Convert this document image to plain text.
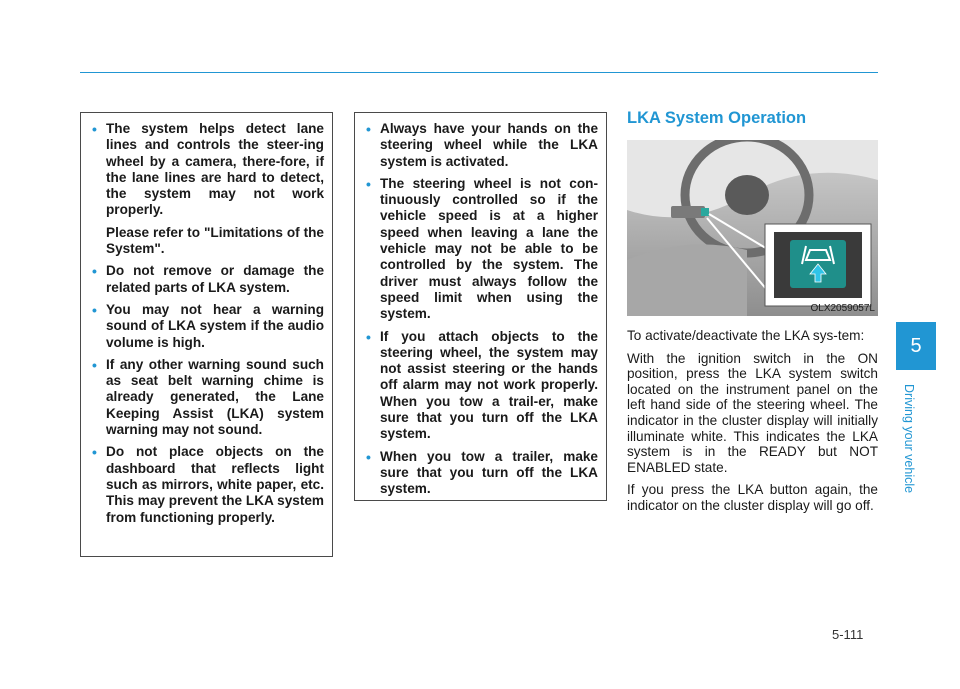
• The system helps detect lane lines and controls the steer-ing wheel by a camera, there-fore, if the lane lines are hard to detect, the system may not work properly.
Please refer to "Limitations of the System".
• Do not remove or damage the related parts of LKA system.
• You may not hear a warning sound of LKA system if the audio volume is high.
• If any other warning sound such as seat belt warning chime is already generated, the Lane Keeping Assist (LKA) system warning may not sound.
• Do not place objects on the dashboard that reflects light such as mirrors, white paper, etc. This may prevent the LKA system from functioning properly.
• Always have your hands on the steering wheel while the LKA system is activated.
• The steering wheel is not con-tinuously controlled so if the vehicle speed is at a higher speed when leaving a lane the vehicle may not be able to be controlled by the system. The driver must always follow the speed limit when using the system.
• If you attach objects to the steering wheel, the system may not assist steering or the hands off alarm may not work properly. When you tow a trail-er, make sure that you turn off the LKA system.
• When you tow a trailer, make sure that you turn off the LKA system.
LKA System Operation
OLX2059057L

To activate/deactivate the LKA sys-tem:

With the ignition switch in the ON position, press the LKA system switch located on the instrument panel on the left hand side of the steering wheel. The indicator in the cluster display will initially illuminate white. This indicates the LKA system is in the READY but NOT ENABLED state.

If you press the LKA button again, the indicator on the cluster display will go off.

5
Driving your vehicle
5-111
